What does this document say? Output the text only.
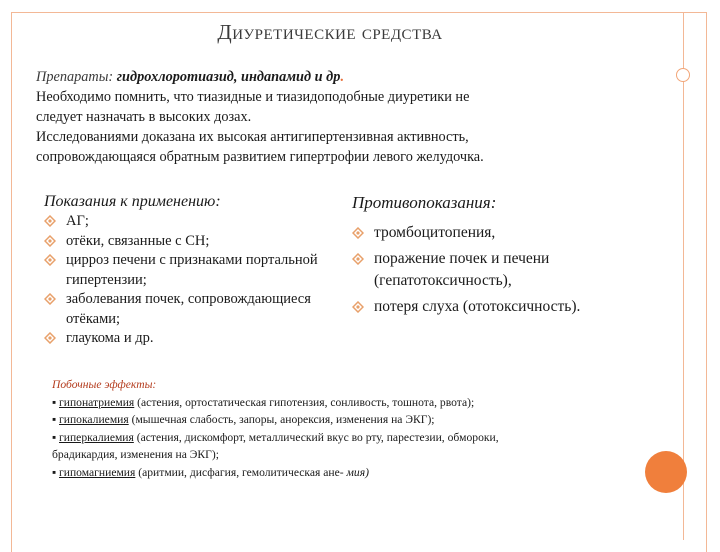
Диуретические средства

Препараты: гидрохлоротиазид, индапамид и др.

Необходимо помнить, что тиазидные и тиазидоподобные диуретики не

следует назначать в высоких дозах.

Исследованиями доказана их высокая антигипертензивная активность,

сопровождающаяся обратным развитием гипертрофии левого желудочка.

Показания к применению:
АГ;
отёки, связанные с СН;
цирроз печени с признаками портальной гипертензии;
заболевания почек, сопровождающиеся отёками;
глаукома и др.
Противопоказания:
тромбоцитопения,
поражение почек и печени (гепатотоксичность),
потеря слуха (ототоксичность).

Побочные эффекты:

▪ гипонатриемия (астения, ортостатическая гипотензия, сонливость, тошнота, рвота);

▪ гипокалиемия (мышечная слабость, запоры, анорексия, изменения на ЭКГ);

▪ гиперкалиемия (астения, дискомфорт, металлический вкус во рту, парестезии, обмороки, брадикардия, изменения на ЭКГ);

▪ гипомагниемия (аритмии, дисфагия, гемолитическая ане- мия)
